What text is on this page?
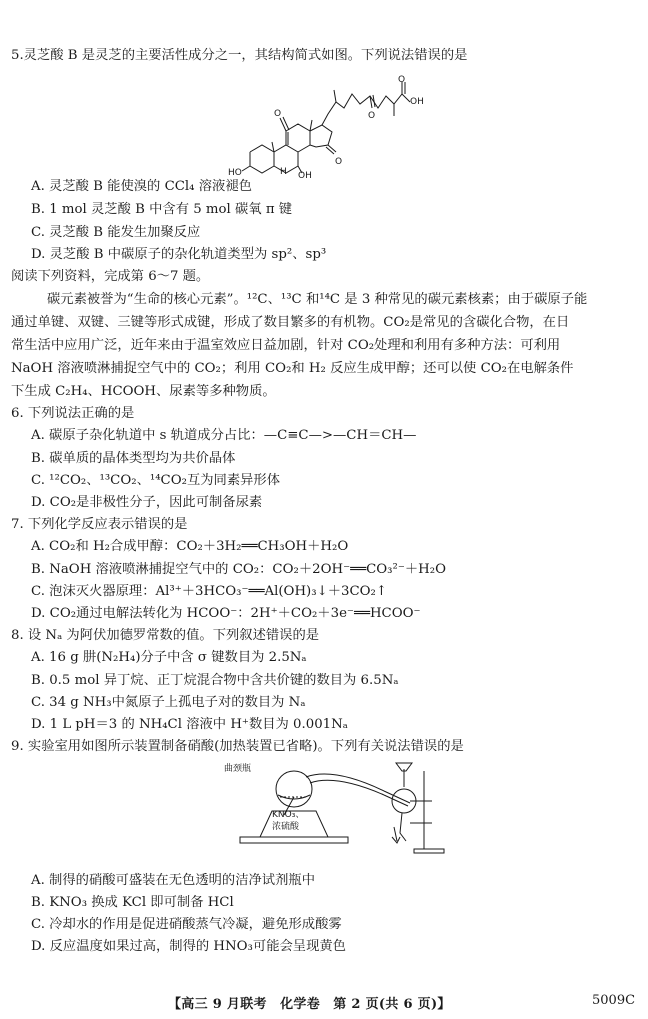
5.灵芝酸 B 是灵芝的主要活性成分之一，其结构简式如图。下列说法错误的是
HO	OH
O
O
O
O
H
OH
A. 灵芝酸 B 能使溴的 CCl₄ 溶液褪色
B. 1 mol 灵芝酸 B 中含有 5 mol 碳氧 π 键
C. 灵芝酸 B 能发生加聚反应
D. 灵芝酸 B 中碳原子的杂化轨道类型为 sp²、sp³
阅读下列资料，完成第 6～7 题。
碳元素被誉为“生命的核心元素”。¹²C、¹³C 和¹⁴C 是 3 种常见的碳元素核素；由于碳原子能
通过单键、双键、三键等形式成键，形成了数目繁多的有机物。CO₂是常见的含碳化合物，在日
常生活中应用广泛，近年来由于温室效应日益加剧，针对 CO₂处理和利用有多种方法：可利用
NaOH 溶液喷淋捕捉空气中的 CO₂；利用 CO₂和 H₂ 反应生成甲醇；还可以使 CO₂在电解条件
下生成 C₂H₄、HCOOH、尿素等多种物质。
6. 下列说法正确的是
A. 碳原子杂化轨道中 s 轨道成分占比：—C≡C—>—CH＝CH—
B. 碳单质的晶体类型均为共价晶体
C. ¹²CO₂、¹³CO₂、¹⁴CO₂互为同素异形体
D. CO₂是非极性分子，因此可制备尿素
7. 下列化学反应表示错误的是
A. CO₂和 H₂合成甲醇：CO₂＋3H₂══CH₃OH＋H₂O
B. NaOH 溶液喷淋捕捉空气中的 CO₂：CO₂＋2OH⁻══CO₃²⁻＋H₂O
C. 泡沫灭火器原理：Al³⁺＋3HCO₃⁻══Al(OH)₃↓＋3CO₂↑
D. CO₂通过电解法转化为 HCOO⁻：2H⁺＋CO₂＋3e⁻══HCOO⁻
8. 设 Nₐ 为阿伏加德罗常数的值。下列叙述错误的是
A. 16 g 肼(N₂H₄)分子中含 σ 键数目为 2.5Nₐ
B. 0.5 mol 异丁烷、正丁烷混合物中含共价键的数目为 6.5Nₐ
C. 34 g NH₃中氮原子上孤电子对的数目为 Nₐ
D. 1 L pH＝3 的 NH₄Cl 溶液中 H⁺数目为 0.001Nₐ
9. 实验室用如图所示装置制备硝酸(加热装置已省略)。下列有关说法错误的是
曲颈瓶
KNO₃、
浓硫酸
A. 制得的硝酸可盛装在无色透明的洁净试剂瓶中
B. KNO₃ 换成 KCl 即可制备 HCl
C. 冷却水的作用是促进硝酸蒸气冷凝，避免形成酸雾
D. 反应温度如果过高，制得的 HNO₃可能会呈现黄色
【高三 9 月联考　化学卷　第 2 页(共 6 页)】	5009C
